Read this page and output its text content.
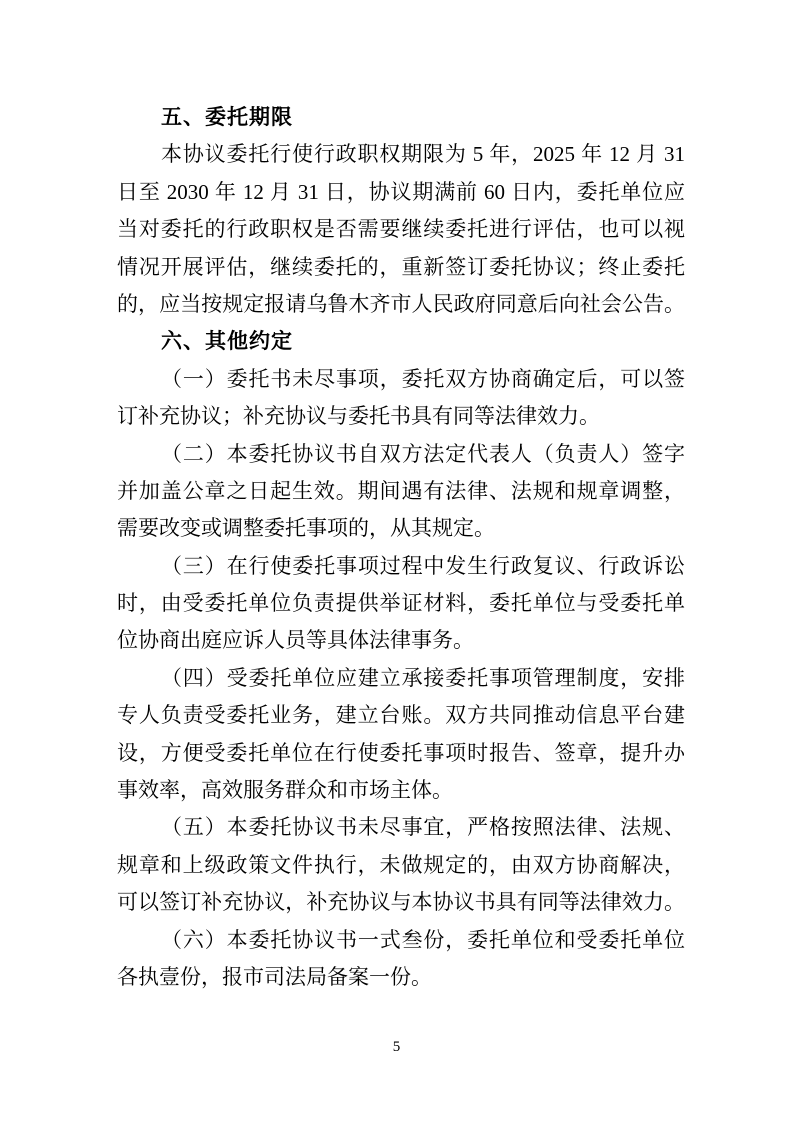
五、委托期限
本协议委托行使行政职权期限为 5 年，2025 年 12 月 31
日至 2030 年 12 月 31 日，协议期满前 60 日内，委托单位应
当对委托的行政职权是否需要继续委托进行评估，也可以视
情况开展评估，继续委托的，重新签订委托协议；终止委托
的，应当按规定报请乌鲁木齐市人民政府同意后向社会公告。
六、其他约定
（一）委托书未尽事项，委托双方协商确定后，可以签
订补充协议；补充协议与委托书具有同等法律效力。
（二）本委托协议书自双方法定代表人（负责人）签字
并加盖公章之日起生效。期间遇有法律、法规和规章调整，
需要改变或调整委托事项的，从其规定。
（三）在行使委托事项过程中发生行政复议、行政诉讼
时，由受委托单位负责提供举证材料，委托单位与受委托单
位协商出庭应诉人员等具体法律事务。
（四）受委托单位应建立承接委托事项管理制度，安排
专人负责受委托业务，建立台账。双方共同推动信息平台建
设，方便受委托单位在行使委托事项时报告、签章，提升办
事效率，高效服务群众和市场主体。
（五）本委托协议书未尽事宜，严格按照法律、法规、
规章和上级政策文件执行，未做规定的，由双方协商解决，
可以签订补充协议，补充协议与本协议书具有同等法律效力。
（六）本委托协议书一式叁份，委托单位和受委托单位
各执壹份，报市司法局备案一份。
5
